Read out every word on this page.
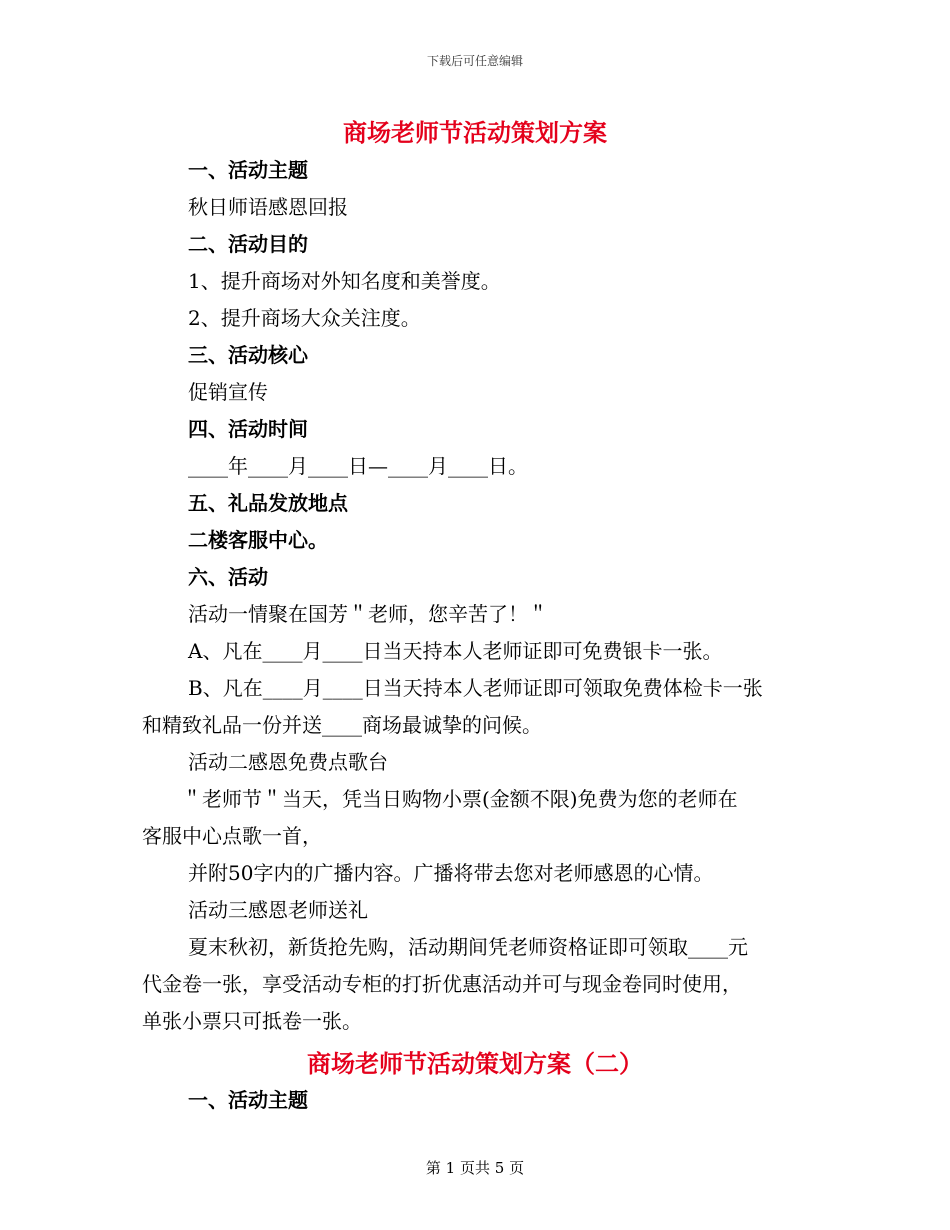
下载后可任意编辑
商场老师节活动策划方案
一、活动主题
秋日师语感恩回报
二、活动目的
1、提升商场对外知名度和美誉度。
2、提升商场大众关注度。
三、活动核心
促销宣传
四、活动时间
____年____月____日—____月____日。
五、礼品发放地点
二楼客服中心。
六、活动
活动一情聚在国芳＂老师，您辛苦了！＂
A、凡在____月____日当天持本人老师证即可免费银卡一张。
B、凡在____月____日当天持本人老师证即可领取免费体检卡一张
和精致礼品一份并送____商场最诚挚的问候。
活动二感恩免费点歌台
＂老师节＂当天，凭当日购物小票(金额不限)免费为您的老师在
客服中心点歌一首，
并附50字内的广播内容。广播将带去您对老师感恩的心情。
活动三感恩老师送礼
夏末秋初，新货抢先购，活动期间凭老师资格证即可领取____元
代金卷一张，享受活动专柜的打折优惠活动并可与现金卷同时使用，
单张小票只可抵卷一张。
商场老师节活动策划方案（二）
一、活动主题
第 1 页共 5 页
